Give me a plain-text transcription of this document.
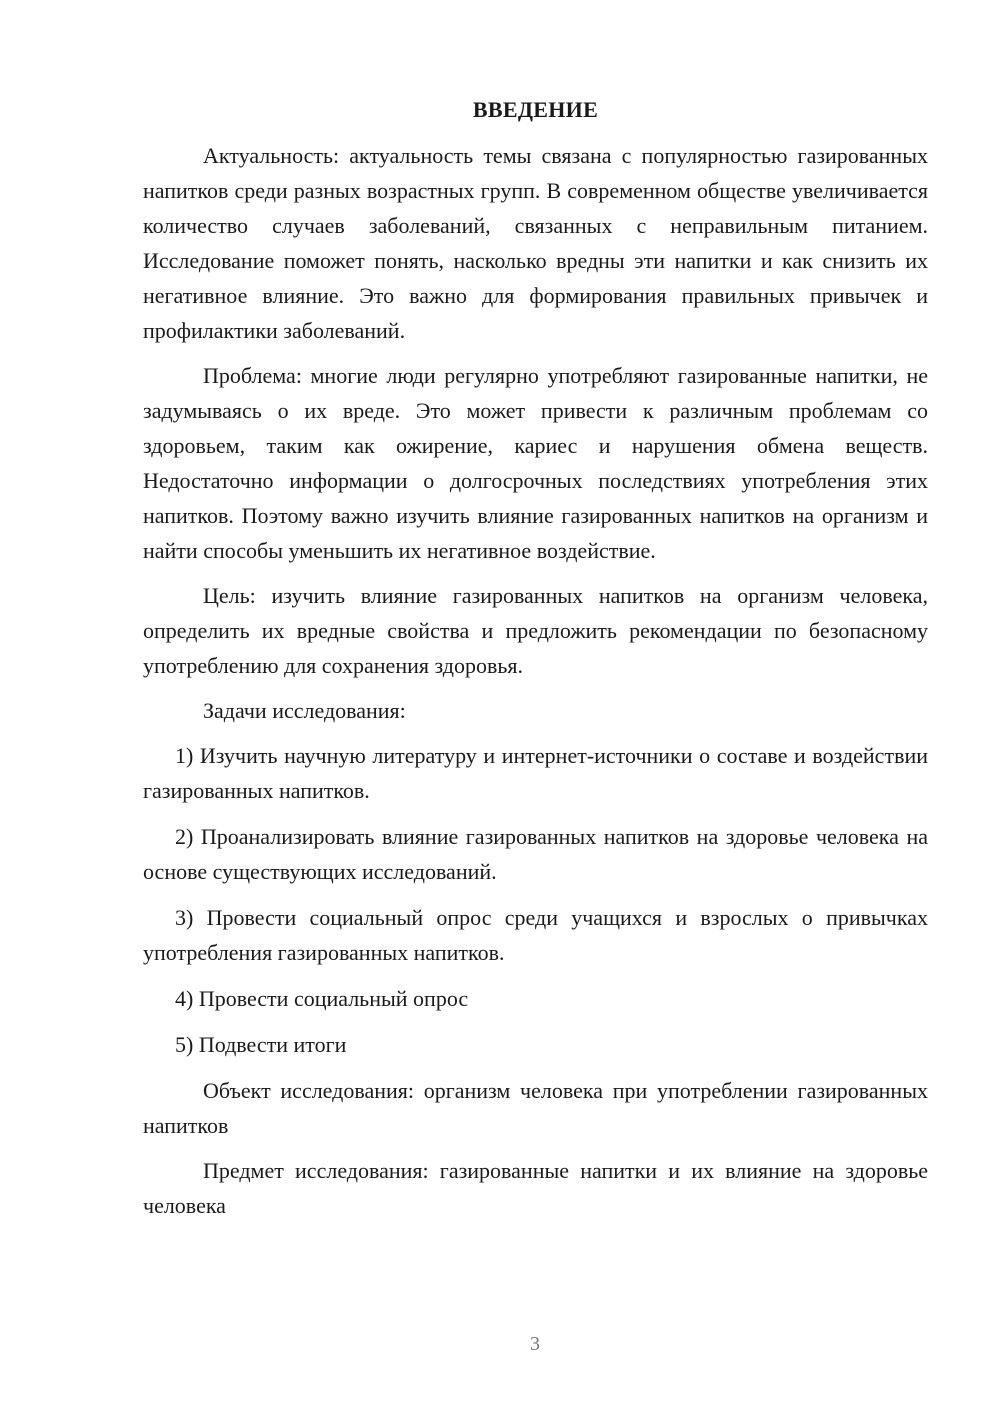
ВВЕДЕНИЕ

Актуальность: актуальность темы связана с популярностью газированных напитков среди разных возрастных групп. В современном обществе увеличивается количество случаев заболеваний, связанных с неправильным питанием. Исследование поможет понять, насколько вредны эти напитки и как снизить их негативное влияние. Это важно для формирования правильных привычек и профилактики заболеваний.

Проблема: многие люди регулярно употребляют газированные напитки, не задумываясь о их вреде. Это может привести к различным проблемам со здоровьем, таким как ожирение, кариес и нарушения обмена веществ. Недостаточно информации о долгосрочных последствиях употребления этих напитков. Поэтому важно изучить влияние газированных напитков на организм и найти способы уменьшить их негативное воздействие.

Цель: изучить влияние газированных напитков на организм человека, определить их вредные свойства и предложить рекомендации по безопасному употреблению для сохранения здоровья.

Задачи исследования:

1) Изучить научную литературу и интернет-источники о составе и воздействии газированных напитков.

2) Проанализировать влияние газированных напитков на здоровье человека на основе существующих исследований.

3) Провести социальный опрос среди учащихся и взрослых о привычках употребления газированных напитков.

4) Провести социальный опрос

5) Подвести итоги

Объект исследования: организм человека при употреблении газированных напитков

Предмет исследования: газированные напитки и их влияние на здоровье человека

3
